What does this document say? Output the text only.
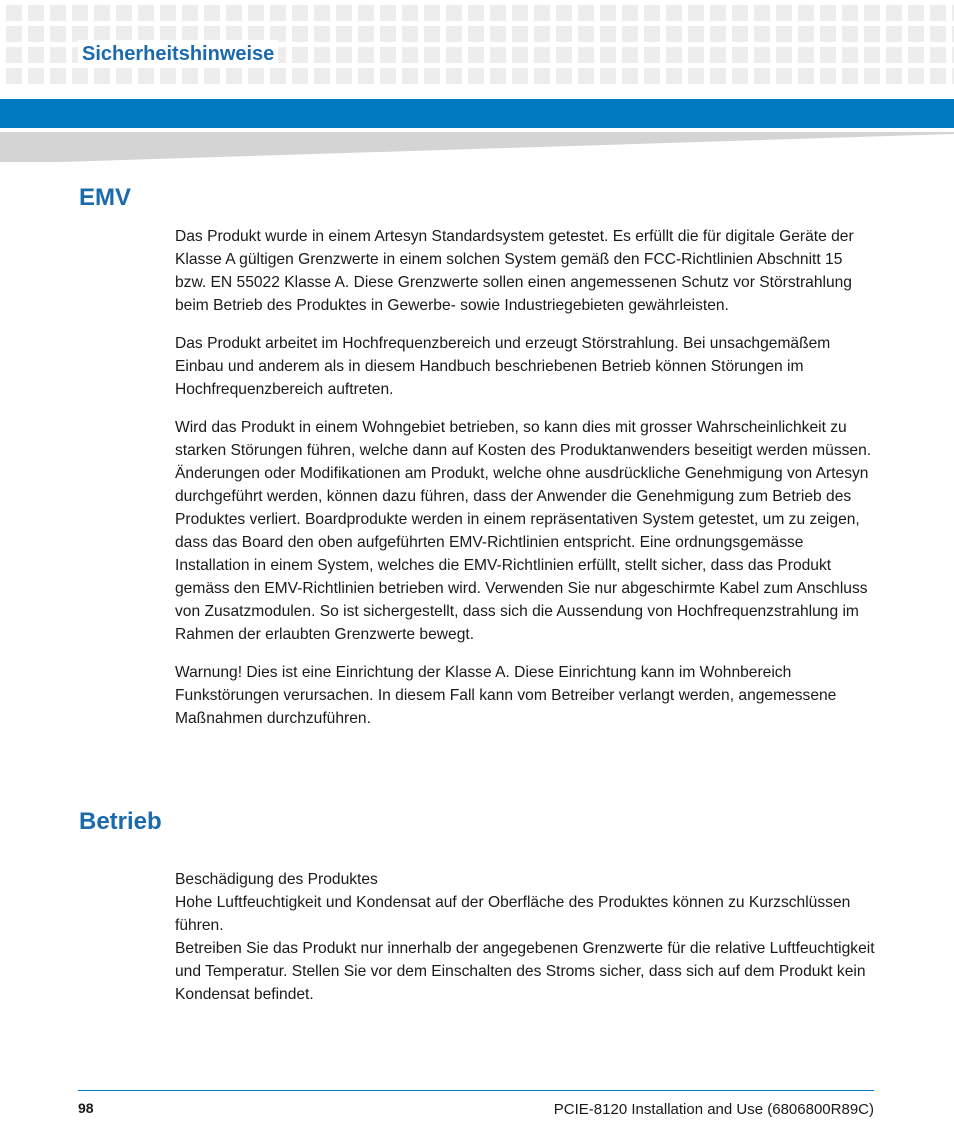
Sicherheitshinweise
EMV

Das Produkt wurde in einem Artesyn Standardsystem getestet. Es erfüllt die für digitale Geräte der Klasse A gültigen Grenzwerte in einem solchen System gemäß den FCC-Richtlinien Abschnitt 15 bzw. EN 55022 Klasse A. Diese Grenzwerte sollen einen angemessenen Schutz vor Störstrahlung beim Betrieb des Produktes in Gewerbe- sowie Industriegebieten gewährleisten.

Das Produkt arbeitet im Hochfrequenzbereich und erzeugt Störstrahlung. Bei unsachgemäßem Einbau und anderem als in diesem Handbuch beschriebenen Betrieb können Störungen im Hochfrequenzbereich auftreten.

Wird das Produkt in einem Wohngebiet betrieben, so kann dies mit grosser Wahrscheinlichkeit zu starken Störungen führen, welche dann auf Kosten des Produktanwenders beseitigt werden müssen. Änderungen oder Modifikationen am Produkt, welche ohne ausdrückliche Genehmigung von Artesyn durchgeführt werden, können dazu führen, dass der Anwender die Genehmigung zum Betrieb des Produktes verliert. Boardprodukte werden in einem repräsentativen System getestet, um zu zeigen, dass das Board den oben aufgeführten EMV-Richtlinien entspricht. Eine ordnungsgemässe Installation in einem System, welches die EMV-Richtlinien erfüllt, stellt sicher, dass das Produkt gemäss den EMV-Richtlinien betrieben wird. Verwenden Sie nur abgeschirmte Kabel zum Anschluss von Zusatzmodulen. So ist sichergestellt, dass sich die Aussendung von Hochfrequenzstrahlung im Rahmen der erlaubten Grenzwerte bewegt.

Warnung! Dies ist eine Einrichtung der Klasse A. Diese Einrichtung kann im Wohnbereich Funkstörungen verursachen. In diesem Fall kann vom Betreiber verlangt werden, angemessene Maßnahmen durchzuführen.

Betrieb

Beschädigung des Produktes

Hohe Luftfeuchtigkeit und Kondensat auf der Oberfläche des Produktes können zu Kurzschlüssen führen.

Betreiben Sie das Produkt nur innerhalb der angegebenen Grenzwerte für die relative Luftfeuchtigkeit und Temperatur. Stellen Sie vor dem Einschalten des Stroms sicher, dass sich auf dem Produkt kein Kondensat befindet.

98	PCIE-8120 Installation and Use (6806800R89C)
